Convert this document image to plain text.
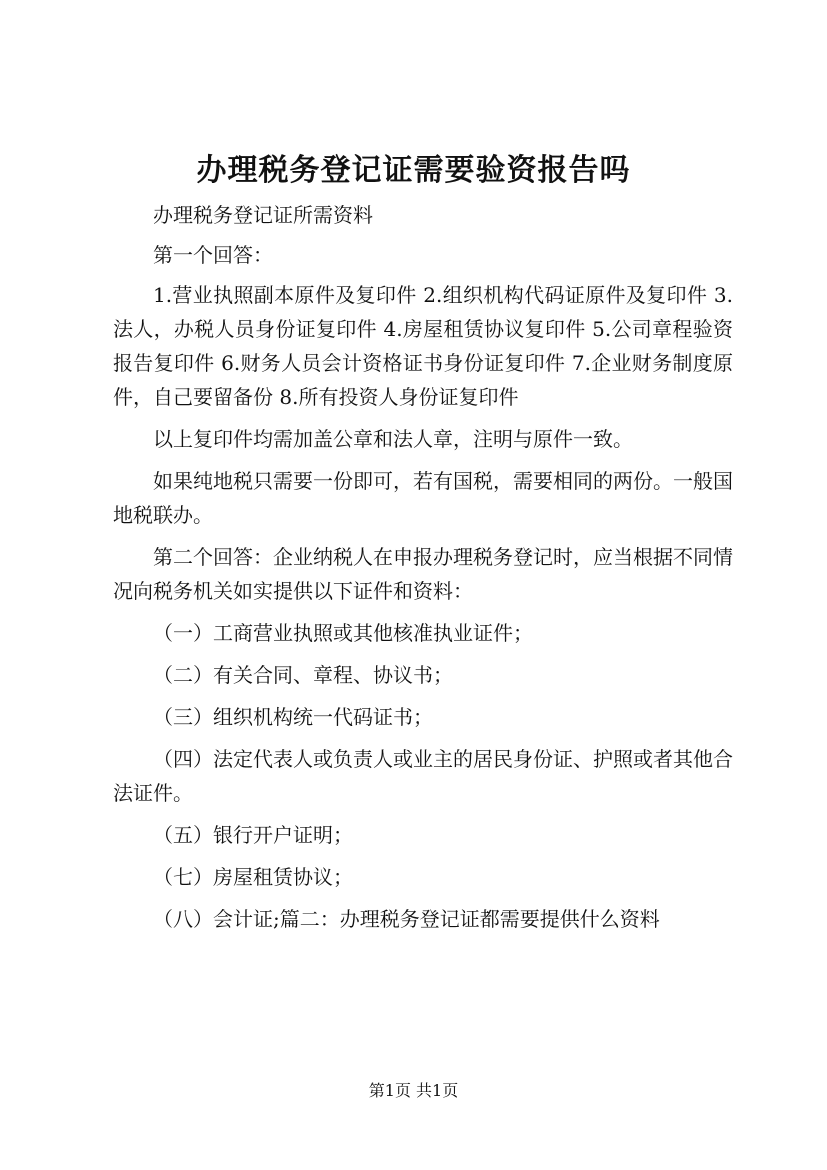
办理税务登记证需要验资报告吗

办理税务登记证所需资料

第一个回答：

1.营业执照副本原件及复印件 2.组织机构代码证原件及复印件 3.法人，办税人员身份证复印件 4.房屋租赁协议复印件 5.公司章程验资报告复印件 6.财务人员会计资格证书身份证复印件 7.企业财务制度原件，自己要留备份 8.所有投资人身份证复印件

以上复印件均需加盖公章和法人章，注明与原件一致。

如果纯地税只需要一份即可，若有国税，需要相同的两份。一般国地税联办。

第二个回答：企业纳税人在申报办理税务登记时，应当根据不同情况向税务机关如实提供以下证件和资料：

（一）工商营业执照或其他核准执业证件；

（二）有关合同、章程、协议书；

（三）组织机构统一代码证书；

（四）法定代表人或负责人或业主的居民身份证、护照或者其他合法证件。

（五）银行开户证明；

（七）房屋租赁协议；

（八）会计证;篇二：办理税务登记证都需要提供什么资料

第1页 共1页
